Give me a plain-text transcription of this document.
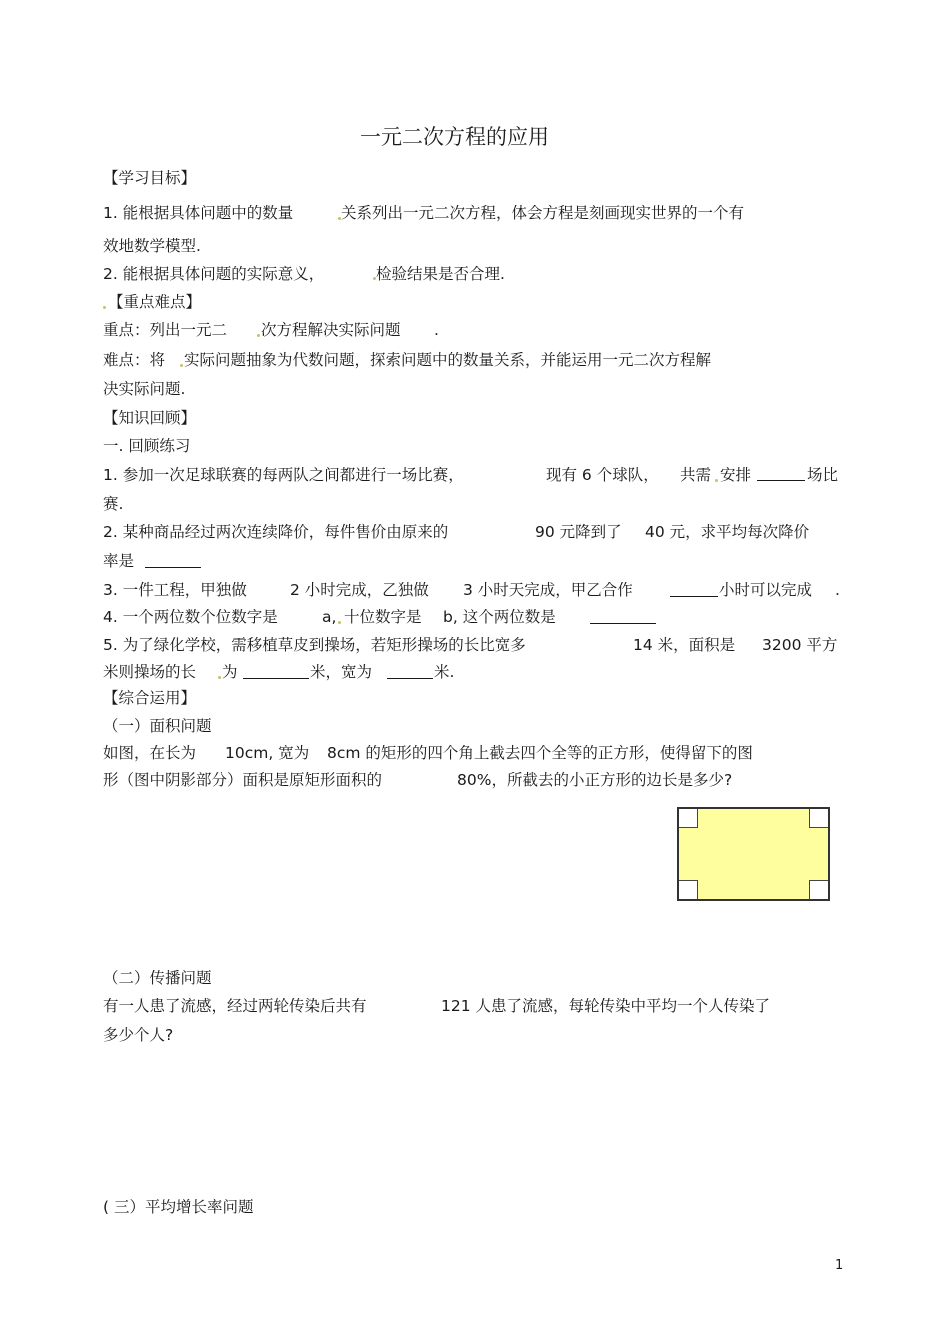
一元二次方程的应用
【学习目标】
1. 能根据具体问题中的数量	关系列出一元二次方程，体会方程是刻画现实世界的一个有
效地数学模型.
2. 能根据具体问题的实际意义，	检验结果是否合理.
【重点难点】
重点：列出一元二 次方程解决实际问题 .
难点：将 实际问题抽象为代数问题，探索问题中的数量关系，并能运用一元二次方程解
决实际问题.
【知识回顾】
一. 回顾练习
1. 参加一次足球联赛的每两队之间都进行一场比赛，	现有 6 个球队， 共需 安排	场比
赛.
2. 某种商品经过两次连续降价，每件售价由原来的	90 元降到了 40 元，求平均每次降价
率是
3. 一件工程，甲独做	2 小时完成，乙独做 3 小时天完成，甲乙合作	小时可以完成 .
4. 一个两位数个位数字是	a, 十位数字是 b, 这个两位数是
5. 为了绿化学校，需移植草皮到操场，若矩形操场的长比宽多	14 米，面积是 3200 平方
米则操场的长 为	米，宽为	米.
【综合运用】
（一）面积问题
如图，在长为 10cm, 宽为 8cm 的矩形的四个角上截去四个全等的正方形，使得留下的图
形（图中阴影部分）面积是原矩形面积的	80%，所截去的小正方形的边长是多少?
（二）传播问题
有一人患了流感，经过两轮传染后共有	121 人患了流感，每轮传染中平均一个人传染了
多少个人?
( 三）平均增长率问题
1
